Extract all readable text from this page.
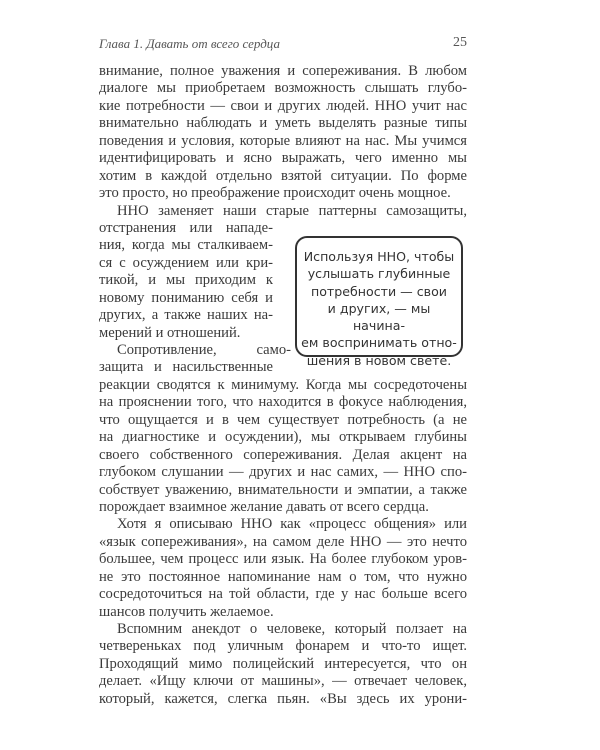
Глава 1. Давать от всего сердца	25
внимание, полное уважения и сопереживания. В любом
диалоге мы приобретаем возможность слышать глубо-
кие потребности — свои и других людей. ННО учит нас
внимательно наблюдать и уметь выделять разные типы
поведения и условия, которые влияют на нас. Мы учимся
идентифицировать и ясно выражать, чего именно мы
хотим в каждой отдельно взятой ситуации. По форме
это просто, но преображение происходит очень мощное.
ННО заменяет наши старые паттерны самозащиты,
отстранения или нападе-
ния, когда мы сталкиваем-
ся с осуждением или кри-
тикой, и мы приходим к
новому пониманию себя и
других, а также наших на-
мерений и отношений.
Сопротивление, само-
защита и насильственные
реакции сводятся к минимуму. Когда мы сосредоточены
на прояснении того, что находится в фокусе наблюдения,
что ощущается и в чем существует потребность (а не
на диагностике и осуждении), мы открываем глубины
своего собственного сопереживания. Делая акцент на
глубоком слушании — других и нас самих, — ННО спо-
собствует уважению, внимательности и эмпатии, а также
порождает взаимное желание давать от всего сердца.
Хотя я описываю ННО как «процесс общения» или
«язык сопереживания», на самом деле ННО — это нечто
большее, чем процесс или язык. На более глубоком уров-
не это постоянное напоминание нам о том, что нужно
сосредоточиться на той области, где у нас больше всего
шансов получить желаемое.
Вспомним анекдот о человеке, который ползает на
четвереньках под уличным фонарем и что-то ищет.
Проходящий мимо полицейский интересуется, что он
делает. «Ищу ключи от машины», — отвечает человек,
который, кажется, слегка пьян. «Вы здесь их урони-
Используя ННО, чтобы
услышать глубинные
потребности — свои
и других, — мы начина-
ем воспринимать отно-
шения в новом свете.
